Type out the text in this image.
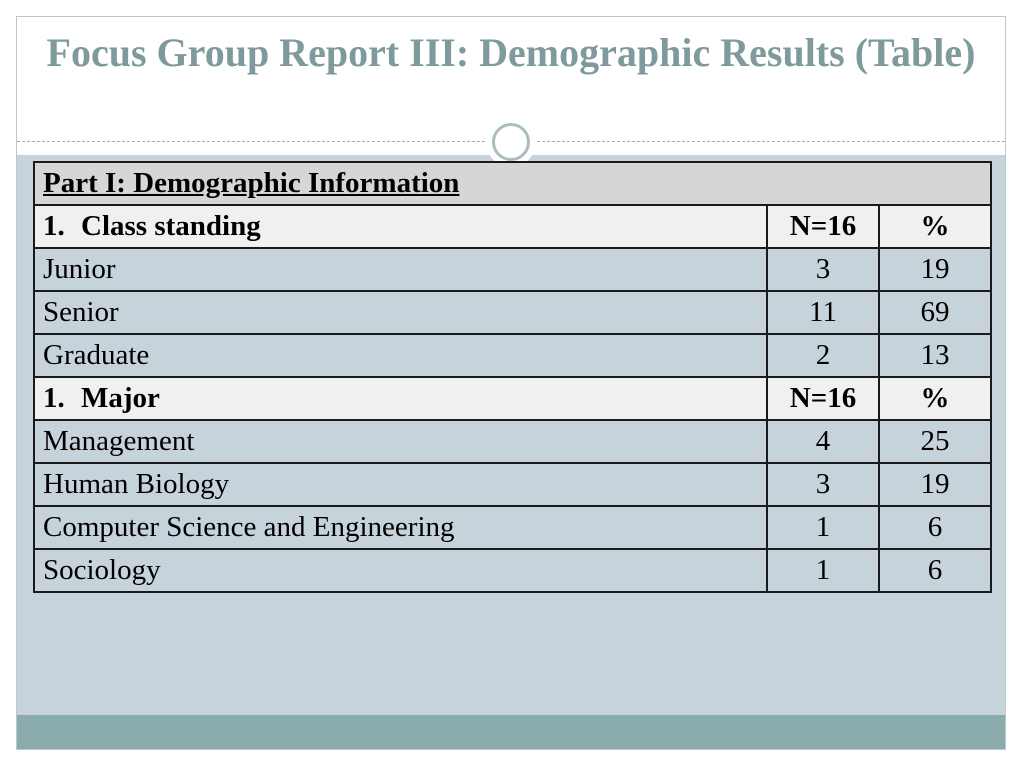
Focus Group Report III: Demographic Results (Table)
Part I: Demographic Information		
1. Class standing	N=16	%
Junior	3	19
Senior	11	69
Graduate	2	13
1. Major	N=16	%
Management	4	25
Human Biology	3	19
Computer Science and Engineering	1	6
Sociology	1	6
